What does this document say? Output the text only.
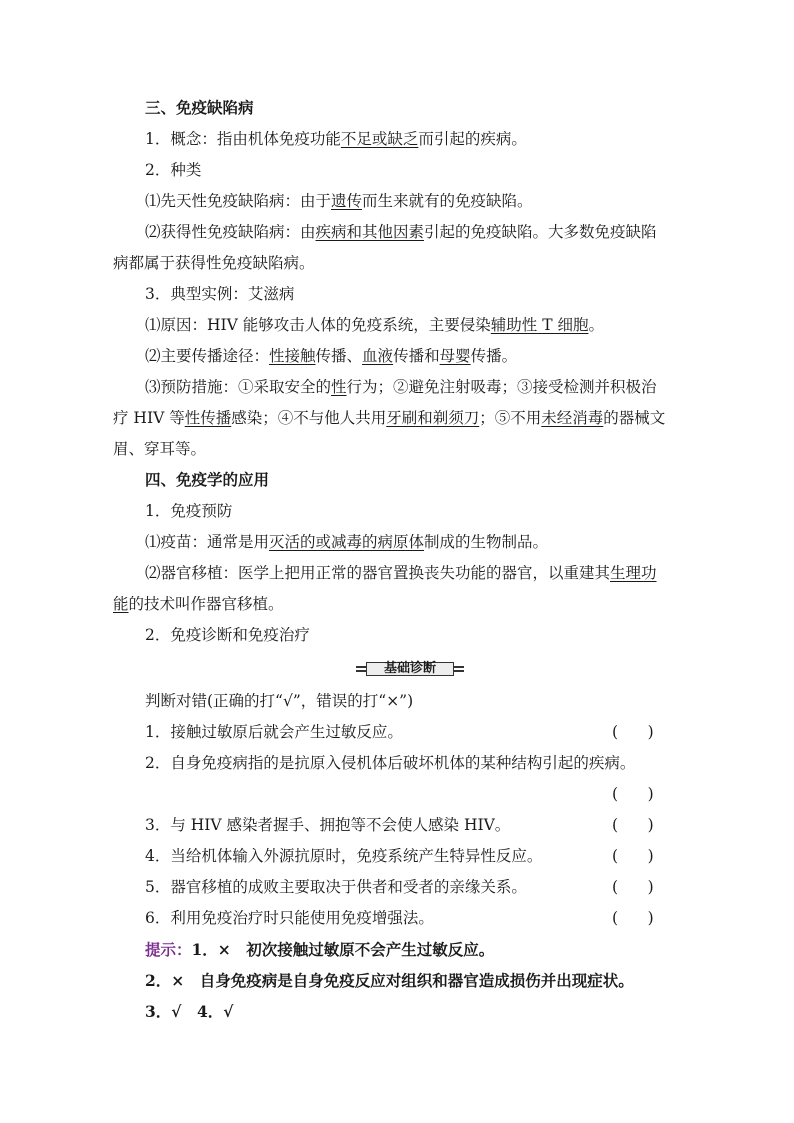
三、免疫缺陷病
1．概念：指由机体免疫功能不足或缺乏而引起的疾病。
2．种类
⑴先天性免疫缺陷病：由于遗传而生来就有的免疫缺陷。
⑵获得性免疫缺陷病：由疾病和其他因素引起的免疫缺陷。大多数免疫缺陷
病都属于获得性免疫缺陷病。
3．典型实例：艾滋病
⑴原因：HIV 能够攻击人体的免疫系统，主要侵染辅助性 T 细胞。
⑵主要传播途径：性接触传播、血液传播和母婴传播。
⑶预防措施：①采取安全的性行为；②避免注射吸毒；③接受检测并积极治
疗 HIV 等性传播感染；④不与他人共用牙刷和剃须刀；⑤不用未经消毒的器械文
眉、穿耳等。
四、免疫学的应用
1．免疫预防
⑴疫苗：通常是用灭活的或减毒的病原体制成的生物制品。
⑵器官移植：医学上把用正常的器官置换丧失功能的器官，以重建其生理功
能的技术叫作器官移植。
2．免疫诊断和免疫治疗
基础诊断
判断对错(正确的打“√”，错误的打“×”)
1．接触过敏原后就会产生过敏反应。	(      )
2．自身免疫病指的是抗原入侵机体后破坏机体的某种结构引起的疾病。
(      )
3．与 HIV 感染者握手、拥抱等不会使人感染 HIV。	(      )
4．当给机体输入外源抗原时，免疫系统产生特异性反应。	(      )
5．器官移植的成败主要取决于供者和受者的亲缘关系。	(      )
6．利用免疫治疗时只能使用免疫增强法。	(      )
提示：1．×　初次接触过敏原不会产生过敏反应。
2．×　自身免疫病是自身免疫反应对组织和器官造成损伤并出现症状。
3．√　4．√
